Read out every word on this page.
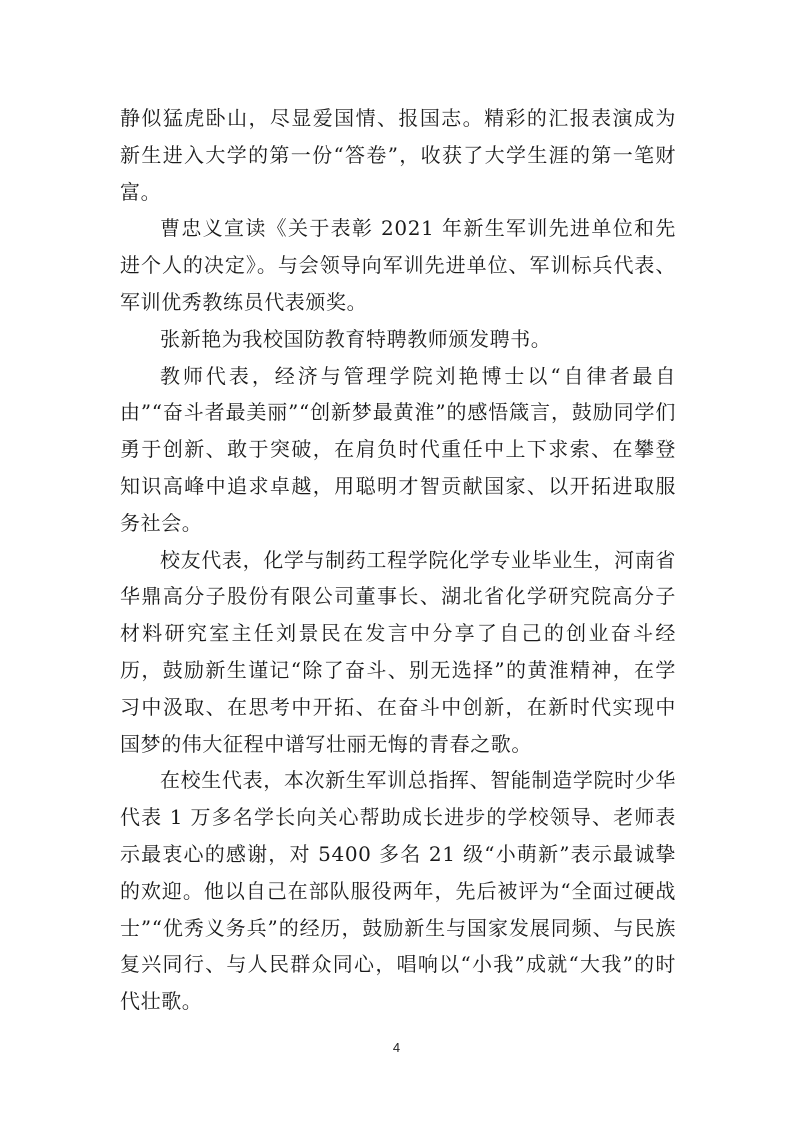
静似猛虎卧山，尽显爱国情、报国志。精彩的汇报表演成为新生进入大学的第一份“答卷”，收获了大学生涯的第一笔财富。

曹忠义宣读《关于表彰 2021 年新生军训先进单位和先进个人的决定》。与会领导向军训先进单位、军训标兵代表、军训优秀教练员代表颁奖。

张新艳为我校国防教育特聘教师颁发聘书。

教师代表，经济与管理学院刘艳博士以“自律者最自由”“奋斗者最美丽”“创新梦最黄淮”的感悟箴言，鼓励同学们勇于创新、敢于突破，在肩负时代重任中上下求索、在攀登知识高峰中追求卓越，用聪明才智贡献国家、以开拓进取服务社会。

校友代表，化学与制药工程学院化学专业毕业生，河南省华鼎高分子股份有限公司董事长、湖北省化学研究院高分子材料研究室主任刘景民在发言中分享了自己的创业奋斗经历，鼓励新生谨记“除了奋斗、别无选择”的黄淮精神，在学习中汲取、在思考中开拓、在奋斗中创新，在新时代实现中国梦的伟大征程中谱写壮丽无悔的青春之歌。

在校生代表，本次新生军训总指挥、智能制造学院时少华代表 1 万多名学长向关心帮助成长进步的学校领导、老师表示最衷心的感谢，对 5400 多名 21 级“小萌新”表示最诚挚的欢迎。他以自己在部队服役两年，先后被评为“全面过硬战士”“优秀义务兵”的经历，鼓励新生与国家发展同频、与民族复兴同行、与人民群众同心，唱响以“小我”成就“大我”的时代壮歌。

4
